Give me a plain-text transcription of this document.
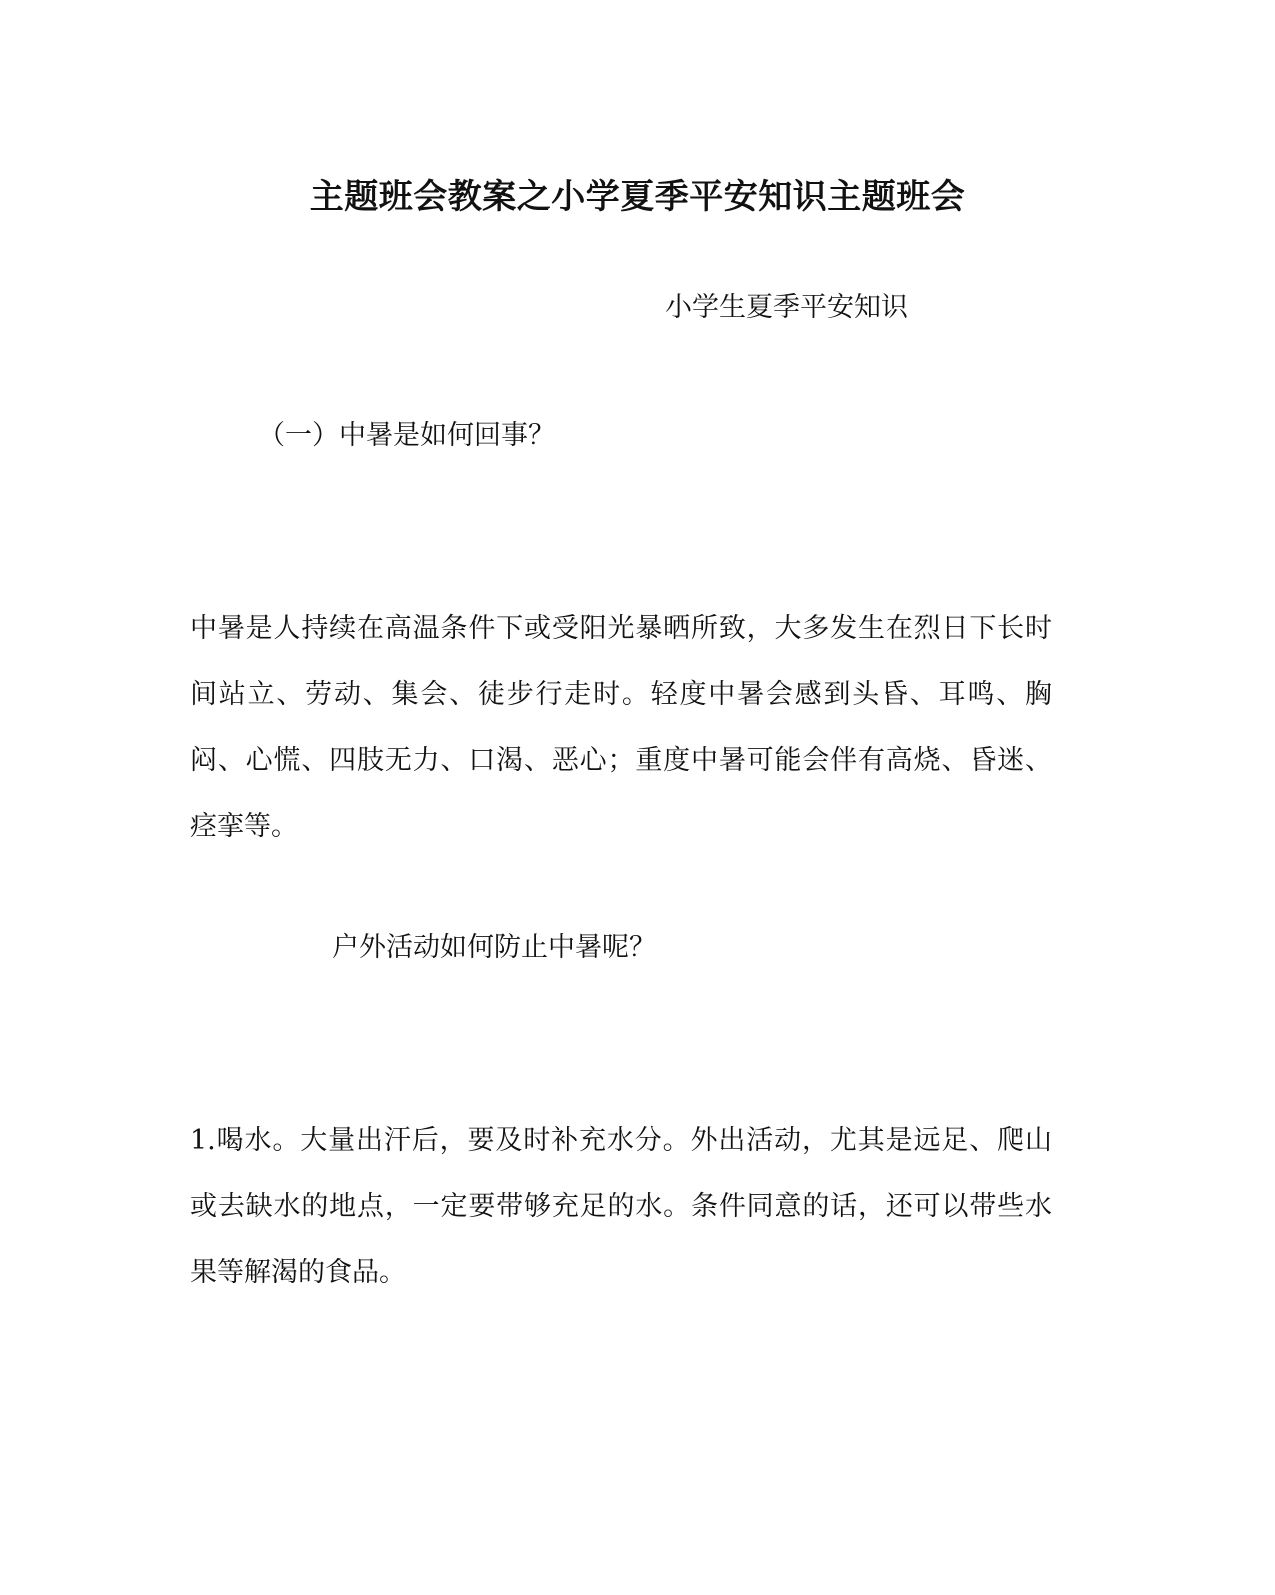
主题班会教案之小学夏季平安知识主题班会
小学生夏季平安知识
（一）中暑是如何回事？

中暑是人持续在高温条件下或受阳光暴晒所致，大多发生在烈日下长时间站立、劳动、集会、徒步行走时。轻度中暑会感到头昏、耳鸣、胸闷、心慌、四肢无力、口渴、恶心；重度中暑可能会伴有高烧、昏迷、痉挛等。

户外活动如何防止中暑呢？

1.喝水。大量出汗后，要及时补充水分。外出活动，尤其是远足、爬山或去缺水的地点，一定要带够充足的水。条件同意的话，还可以带些水果等解渴的食品。
